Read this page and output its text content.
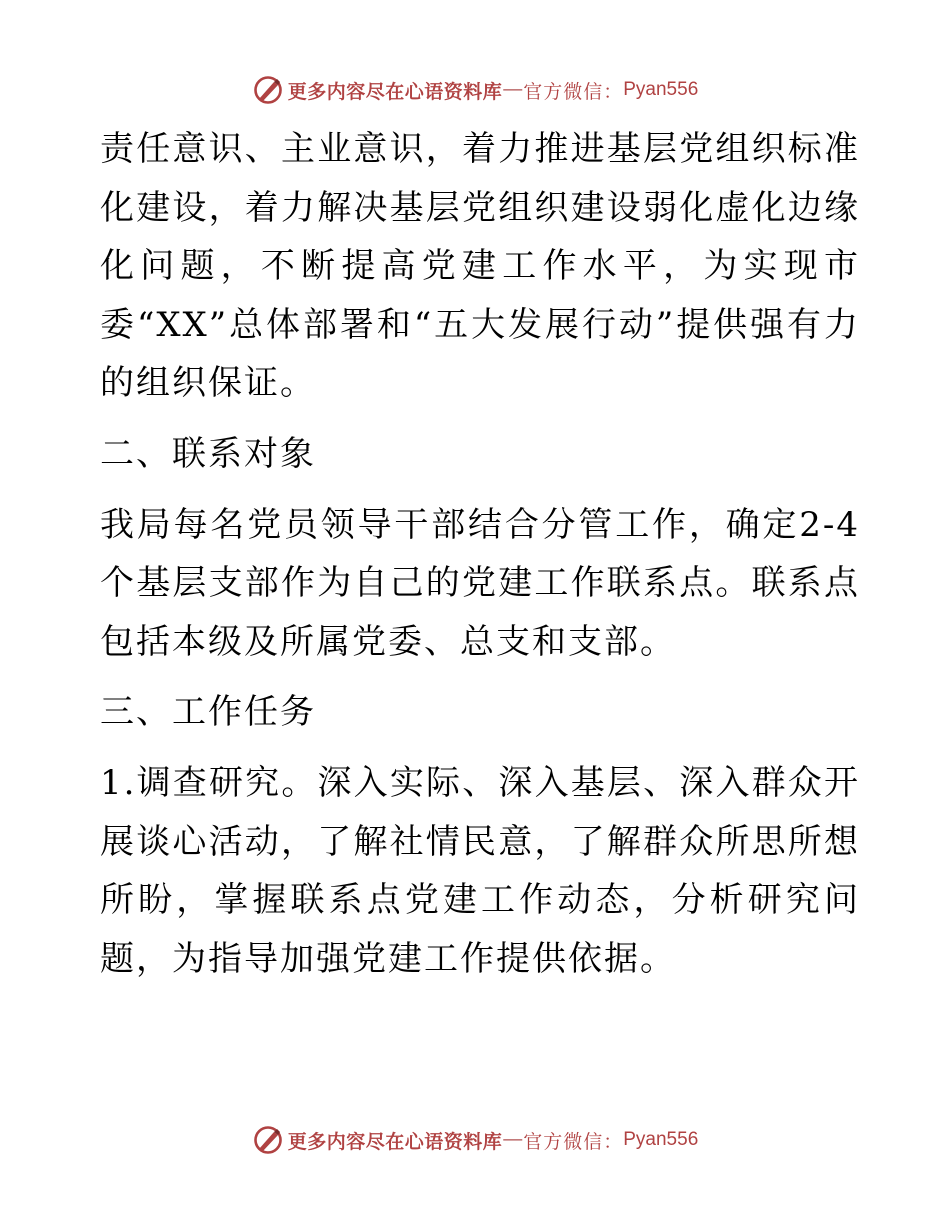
更多内容尽在心语资料库 — 官方微信： Pyan556

责任意识、主业意识，着力推进基层党组织标准化建设，着力解决基层党组织建设弱化虚化边缘化问题，不断提高党建工作水平，为实现市委“XX”总体部署和“五大发展行动”提供强有力的组织保证。

二、联系对象

我局每名党员领导干部结合分管工作，确定2-4个基层支部作为自己的党建工作联系点。联系点包括本级及所属党委、总支和支部。

三、工作任务

1.调查研究。深入实际、深入基层、深入群众开展谈心活动，了解社情民意，了解群众所思所想所盼，掌握联系点党建工作动态，分析研究问题，为指导加强党建工作提供依据。

更多内容尽在心语资料库 — 官方微信： Pyan556
